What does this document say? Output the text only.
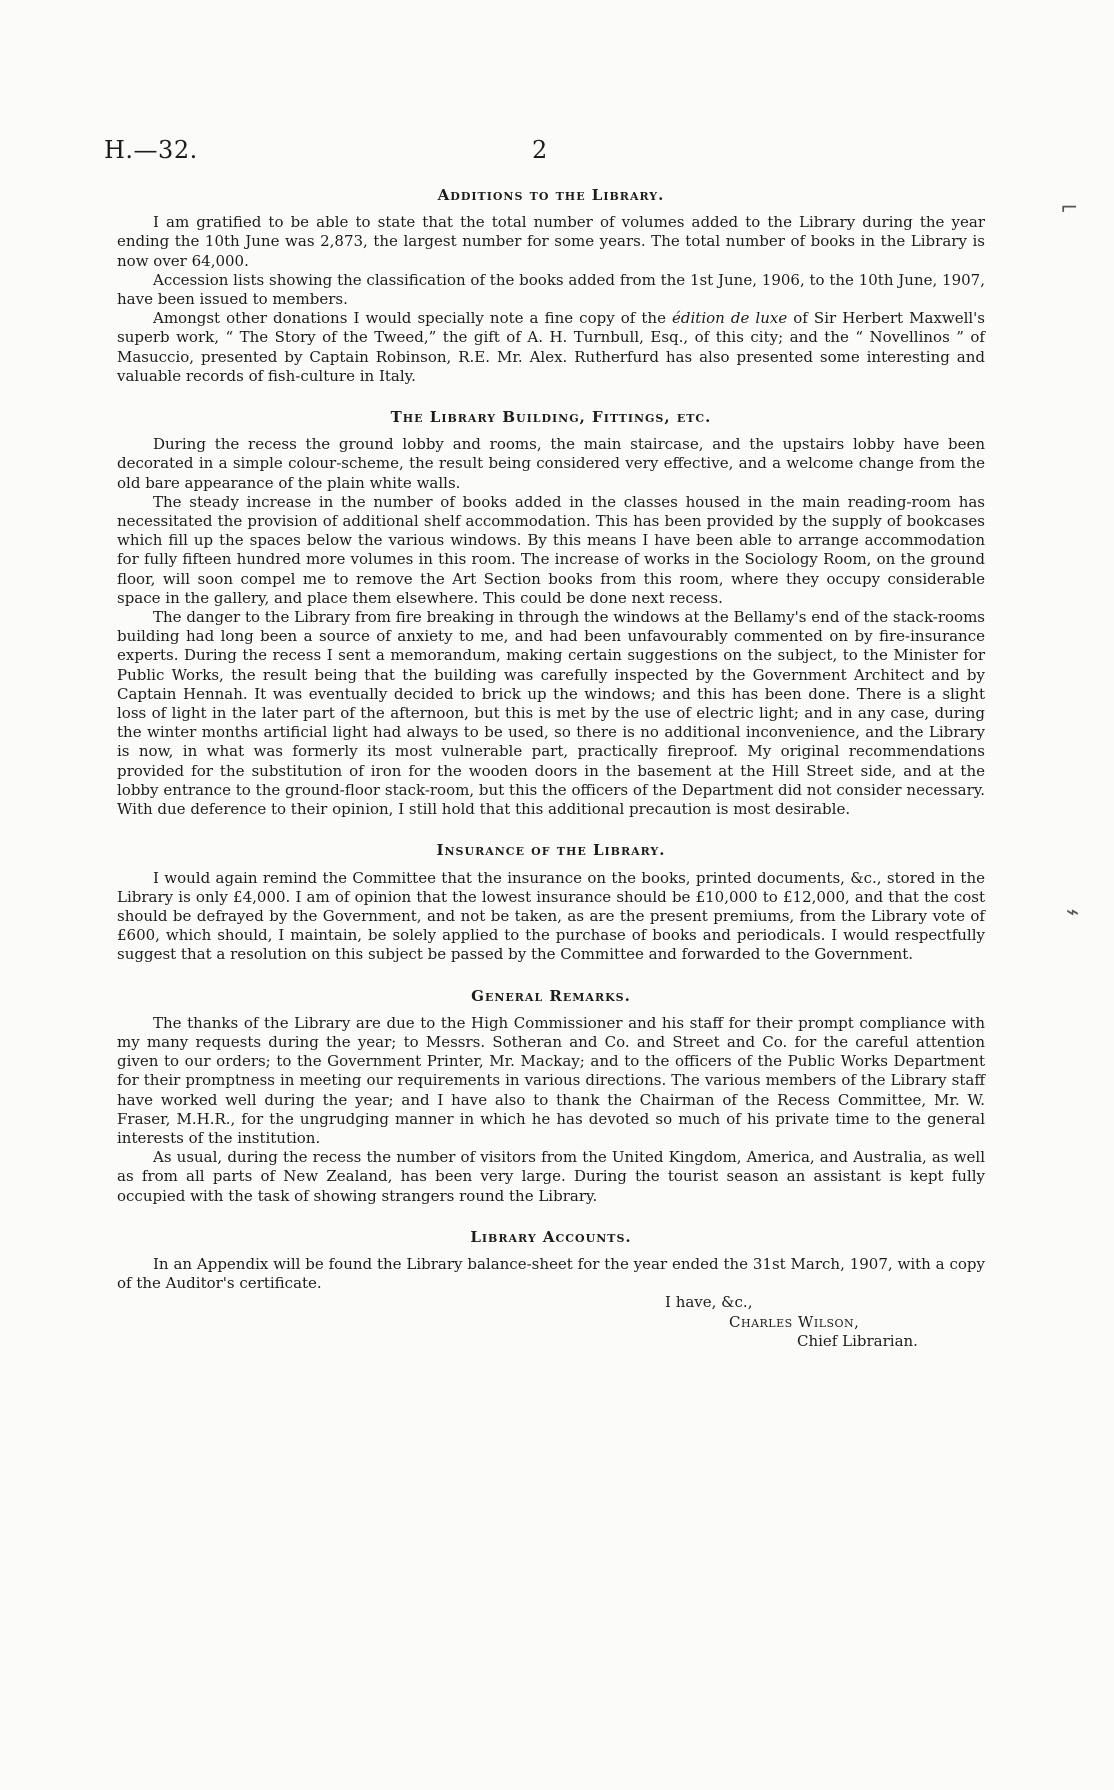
H.—32.	2
⌐
⌁
Additions to the Library.

I am gratified to be able to state that the total number of volumes added to the Library during the year ending the 10th June was 2,873, the largest number for some years. The total number of books in the Library is now over 64,000.

Accession lists showing the classification of the books added from the 1st June, 1906, to the 10th June, 1907, have been issued to members.

Amongst other donations I would specially note a fine copy of the édition de luxe of Sir Herbert Maxwell's superb work, “ The Story of the Tweed,” the gift of A. H. Turnbull, Esq., of this city; and the “ Novellinos ” of Masuccio, presented by Captain Robinson, R.E. Mr. Alex. Rutherfurd has also presented some interesting and valuable records of fish-culture in Italy.

The Library Building, Fittings, etc.

During the recess the ground lobby and rooms, the main staircase, and the upstairs lobby have been decorated in a simple colour-scheme, the result being considered very effective, and a welcome change from the old bare appearance of the plain white walls.

The steady increase in the number of books added in the classes housed in the main reading-room has necessitated the provision of additional shelf accommodation. This has been provided by the supply of bookcases which fill up the spaces below the various windows. By this means I have been able to arrange accommodation for fully fifteen hundred more volumes in this room. The increase of works in the Sociology Room, on the ground floor, will soon compel me to remove the Art Section books from this room, where they occupy considerable space in the gallery, and place them elsewhere. This could be done next recess.

The danger to the Library from fire breaking in through the windows at the Bellamy's end of the stack-rooms building had long been a source of anxiety to me, and had been unfavourably commented on by fire-insurance experts. During the recess I sent a memorandum, making certain suggestions on the subject, to the Minister for Public Works, the result being that the building was carefully inspected by the Government Architect and by Captain Hennah. It was eventually decided to brick up the windows; and this has been done. There is a slight loss of light in the later part of the afternoon, but this is met by the use of electric light; and in any case, during the winter months artificial light had always to be used, so there is no additional inconvenience, and the Library is now, in what was formerly its most vulnerable part, practically fireproof. My original recommendations provided for the substitution of iron for the wooden doors in the basement at the Hill Street side, and at the lobby entrance to the ground-floor stack-room, but this the officers of the Department did not consider necessary. With due deference to their opinion, I still hold that this additional precaution is most desirable.

Insurance of the Library.

I would again remind the Committee that the insurance on the books, printed documents, &c., stored in the Library is only £4,000. I am of opinion that the lowest insurance should be £10,000 to £12,000, and that the cost should be defrayed by the Government, and not be taken, as are the present premiums, from the Library vote of £600, which should, I maintain, be solely applied to the purchase of books and periodicals. I would respectfully suggest that a resolution on this subject be passed by the Committee and forwarded to the Government.

General Remarks.

The thanks of the Library are due to the High Commissioner and his staff for their prompt compliance with my many requests during the year; to Messrs. Sotheran and Co. and Street and Co. for the careful attention given to our orders; to the Government Printer, Mr. Mackay; and to the officers of the Public Works Department for their promptness in meeting our requirements in various directions. The various members of the Library staff have worked well during the year; and I have also to thank the Chairman of the Recess Committee, Mr. W. Fraser, M.H.R., for the ungrudging manner in which he has devoted so much of his private time to the general interests of the institution.

As usual, during the recess the number of visitors from the United Kingdom, America, and Australia, as well as from all parts of New Zealand, has been very large. During the tourist season an assistant is kept fully occupied with the task of showing strangers round the Library.

Library Accounts.

In an Appendix will be found the Library balance-sheet for the year ended the 31st March, 1907, with a copy of the Auditor's certificate.

I have, &c.,
Charles Wilson,
Chief Librarian.
